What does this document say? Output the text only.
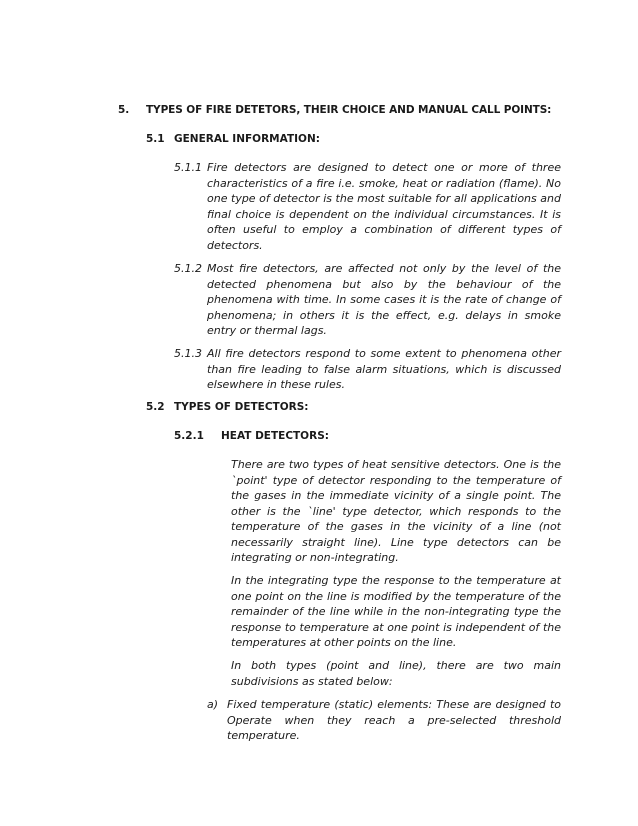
5. TYPES OF FIRE DETETORS, THEIR CHOICE AND MANUAL CALL POINTS:
5.1 GENERAL INFORMATION:
5.1.1 Fire detectors are designed to detect one or more of three characteristics of a fire i.e. smoke, heat or radiation (flame). No one type of detector is the most suitable for all applications and final choice is dependent on the individual circumstances. It is often useful to employ a combination of different types of detectors.
5.1.2 Most fire detectors, are affected not only by the level of the detected phenomena but also by the behaviour of the phenomena with time. In some cases it is the rate of change of phenomena; in others it is the effect, e.g. delays in smoke entry or thermal lags.
5.1.3 All fire detectors respond to some extent to phenomena other than fire leading to false alarm situations, which is discussed elsewhere in these rules.
5.2 TYPES OF DETECTORS:
5.2.1 HEAT DETECTORS:
There are two types of heat sensitive detectors. One is the `point' type of detector responding to the temperature of the gases in the immediate vicinity of a single point. The other is the `line' type detector, which responds to the temperature of the gases in the vicinity of a line (not necessarily straight line). Line type detectors can be integrating or non-integrating.
In the integrating type the response to the temperature at one point on the line is modified by the temperature of the remainder of the line while in the non-integrating type the response to temperature at one point is independent of the temperatures at other points on the line.
In both types (point and line), there are two main subdivisions as stated below:
a) Fixed temperature (static) elements: These are designed to Operate when they reach a pre-selected threshold temperature.
